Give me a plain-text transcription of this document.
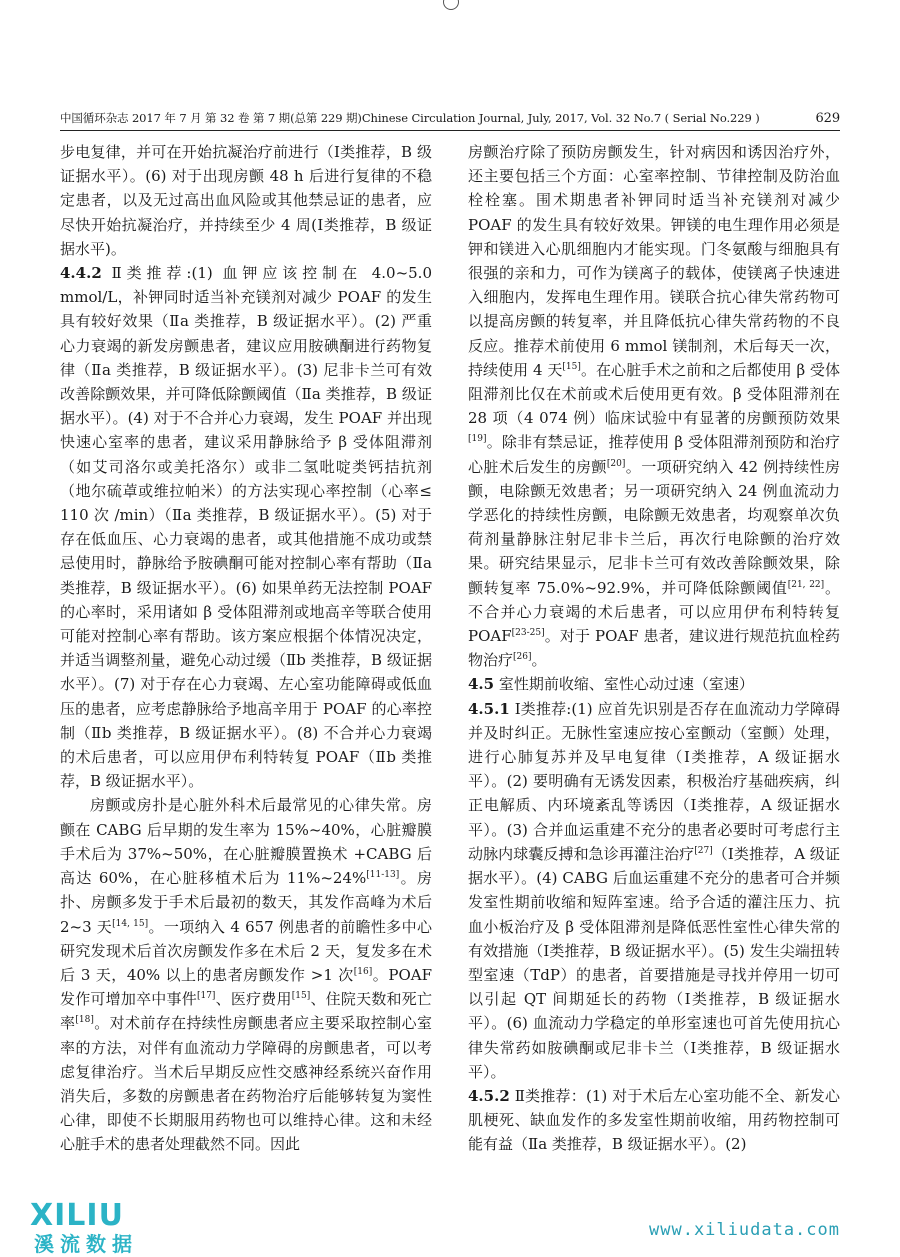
中国循环杂志 2017 年 7 月 第 32 卷 第 7 期(总第 229 期)Chinese Circulation Journal, July, 2017, Vol. 32 No.7 ( Serial No.229 )	629

步电复律，并可在开始抗凝治疗前进行（Ⅰ类推荐，B 级证据水平）。(6) 对于出现房颤 48 h 后进行复律的不稳定患者，以及无过高出血风险或其他禁忌证的患者，应尽快开始抗凝治疗，并持续至少 4 周(Ⅰ类推荐，B 级证据水平)。

4.4.2 Ⅱ类推荐:(1) 血钾应该控制在 4.0~5.0 mmol/L，补钾同时适当补充镁剂对减少 POAF 的发生具有较好效果（Ⅱa 类推荐，B 级证据水平）。(2) 严重心力衰竭的新发房颤患者，建议应用胺碘酮进行药物复律（Ⅱa 类推荐，B 级证据水平）。(3) 尼非卡兰可有效改善除颤效果，并可降低除颤阈值（Ⅱa 类推荐，B 级证据水平）。(4) 对于不合并心力衰竭，发生 POAF 并出现快速心室率的患者，建议采用静脉给予 β 受体阻滞剂（如艾司洛尔或美托洛尔）或非二氢吡啶类钙拮抗剂（地尔硫䓬或维拉帕米）的方法实现心率控制（心率≤ 110 次 /min）（Ⅱa 类推荐，B 级证据水平）。(5) 对于存在低血压、心力衰竭的患者，或其他措施不成功或禁忌使用时，静脉给予胺碘酮可能对控制心率有帮助（Ⅱa 类推荐，B 级证据水平）。(6) 如果单药无法控制 POAF 的心率时，采用诸如 β 受体阻滞剂或地高辛等联合使用可能对控制心率有帮助。该方案应根据个体情况决定，并适当调整剂量，避免心动过缓（Ⅱb 类推荐，B 级证据水平）。(7) 对于存在心力衰竭、左心室功能障碍或低血压的患者，应考虑静脉给予地高辛用于 POAF 的心率控制（Ⅱb 类推荐，B 级证据水平）。(8) 不合并心力衰竭的术后患者，可以应用伊布利特转复 POAF（Ⅱb 类推荐，B 级证据水平）。

房颤或房扑是心脏外科术后最常见的心律失常。房颤在 CABG 后早期的发生率为 15%~40%，心脏瓣膜手术后为 37%~50%，在心脏瓣膜置换术 +CABG 后高达 60%，在心脏移植术后为 11%~24%[11-13]。房扑、房颤多发于手术后最初的数天，其发作高峰为术后 2~3 天[14, 15]。一项纳入 4 657 例患者的前瞻性多中心研究发现术后首次房颤发作多在术后 2 天，复发多在术后 3 天，40% 以上的患者房颤发作 >1 次[16]。POAF 发作可增加卒中事件[17]、医疗费用[15]、住院天数和死亡率[18]。对术前存在持续性房颤患者应主要采取控制心室率的方法，对伴有血流动力学障碍的房颤患者，可以考虑复律治疗。当术后早期反应性交感神经系统兴奋作用消失后，多数的房颤患者在药物治疗后能够转复为窦性心律，即使不长期服用药物也可以维持心律。这和未经心脏手术的患者处理截然不同。因此

房颤治疗除了预防房颤发生，针对病因和诱因治疗外，还主要包括三个方面：心室率控制、节律控制及防治血栓栓塞。围术期患者补钾同时适当补充镁剂对减少 POAF 的发生具有较好效果。钾镁的电生理作用必须是钾和镁进入心肌细胞内才能实现。门冬氨酸与细胞具有很强的亲和力，可作为镁离子的载体，使镁离子快速进入细胞内，发挥电生理作用。镁联合抗心律失常药物可以提高房颤的转复率，并且降低抗心律失常药物的不良反应。推荐术前使用 6 mmol 镁制剂，术后每天一次，持续使用 4 天[15]。在心脏手术之前和之后都使用 β 受体阻滞剂比仅在术前或术后使用更有效。β 受体阻滞剂在 28 项（4 074 例）临床试验中有显著的房颤预防效果[19]。除非有禁忌证，推荐使用 β 受体阻滞剂预防和治疗心脏术后发生的房颤[20]。一项研究纳入 42 例持续性房颤，电除颤无效患者；另一项研究纳入 24 例血流动力学恶化的持续性房颤，电除颤无效患者，均观察单次负荷剂量静脉注射尼非卡兰后，再次行电除颤的治疗效果。研究结果显示，尼非卡兰可有效改善除颤效果，除颤转复率 75.0%~92.9%，并可降低除颤阈值[21, 22]。不合并心力衰竭的术后患者，可以应用伊布利特转复 POAF[23-25]。对于 POAF 患者，建议进行规范抗血栓药物治疗[26]。

4.5 室性期前收缩、室性心动过速（室速）

4.5.1 Ⅰ类推荐:(1) 应首先识别是否存在血流动力学障碍并及时纠正。无脉性室速应按心室颤动（室颤）处理，进行心肺复苏并及早电复律（Ⅰ类推荐，A 级证据水平）。(2) 要明确有无诱发因素，积极治疗基础疾病，纠正电解质、内环境紊乱等诱因（Ⅰ类推荐，A 级证据水平）。(3) 合并血运重建不充分的患者必要时可考虑行主动脉内球囊反搏和急诊再灌注治疗[27]（Ⅰ类推荐，A 级证据水平）。(4) CABG 后血运重建不充分的患者可合并频发室性期前收缩和短阵室速。给予合适的灌注压力、抗血小板治疗及 β 受体阻滞剂是降低恶性室性心律失常的有效措施（Ⅰ类推荐，B 级证据水平）。(5) 发生尖端扭转型室速（TdP）的患者，首要措施是寻找并停用一切可以引起 QT 间期延长的药物（Ⅰ类推荐，B 级证据水平）。(6) 血流动力学稳定的单形室速也可首先使用抗心律失常药如胺碘酮或尼非卡兰（Ⅰ类推荐，B 级证据水平）。

4.5.2 Ⅱ类推荐：(1) 对于术后左心室功能不全、新发心肌梗死、缺血发作的多发室性期前收缩，用药物控制可能有益（Ⅱa 类推荐，B 级证据水平）。(2)

XILIU
溪流数据
www.xiliudata.com
